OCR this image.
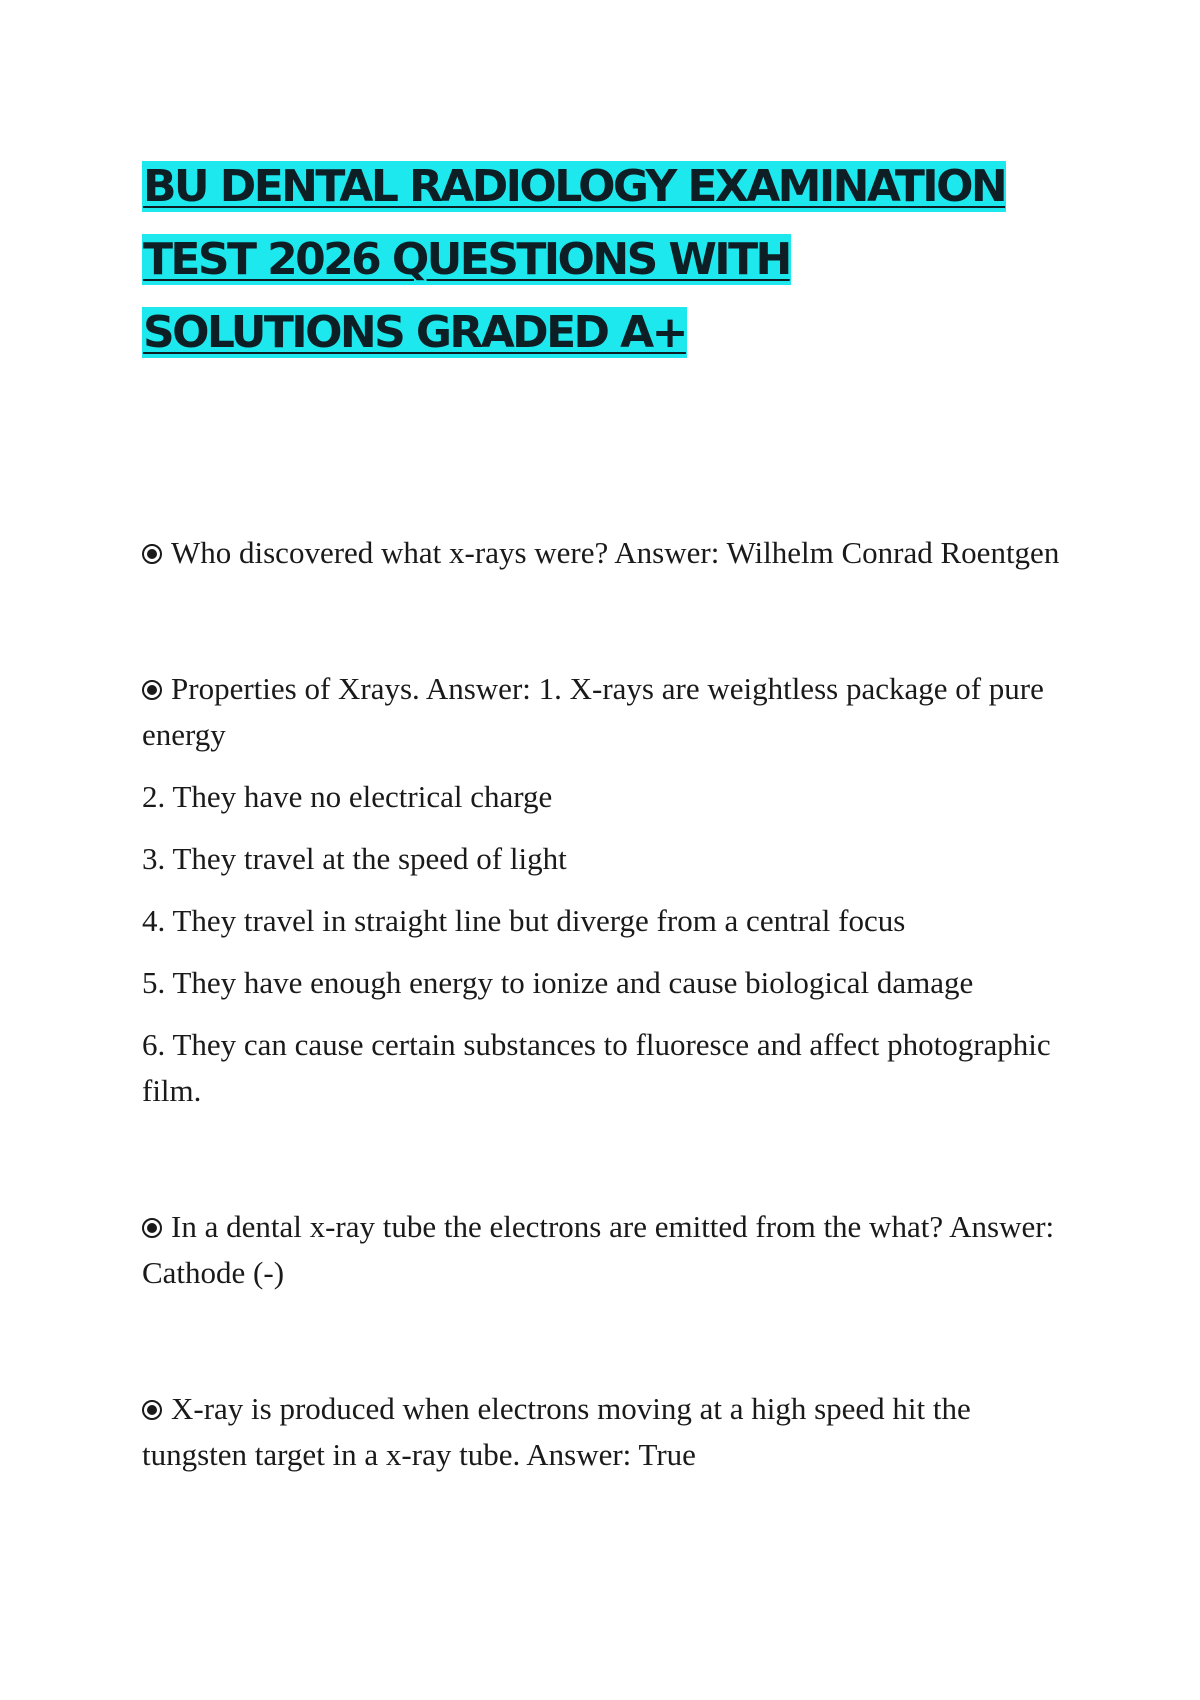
BU DENTAL RADIOLOGY EXAMINATION TEST 2026 QUESTIONS WITH SOLUTIONS GRADED A+

Who discovered what x-rays were? Answer: Wilhelm Conrad Roentgen

Properties of Xrays. Answer: 1. X-rays are weightless package of pure energy

2. They have no electrical charge

3. They travel at the speed of light

4. They travel in straight line but diverge from a central focus

5. They have enough energy to ionize and cause biological damage

6. They can cause certain substances to fluoresce and affect photographic film.

In a dental x-ray tube the electrons are emitted from the what? Answer: Cathode (-)

X-ray is produced when electrons moving at a high speed hit the tungsten target in a x-ray tube. Answer: True
